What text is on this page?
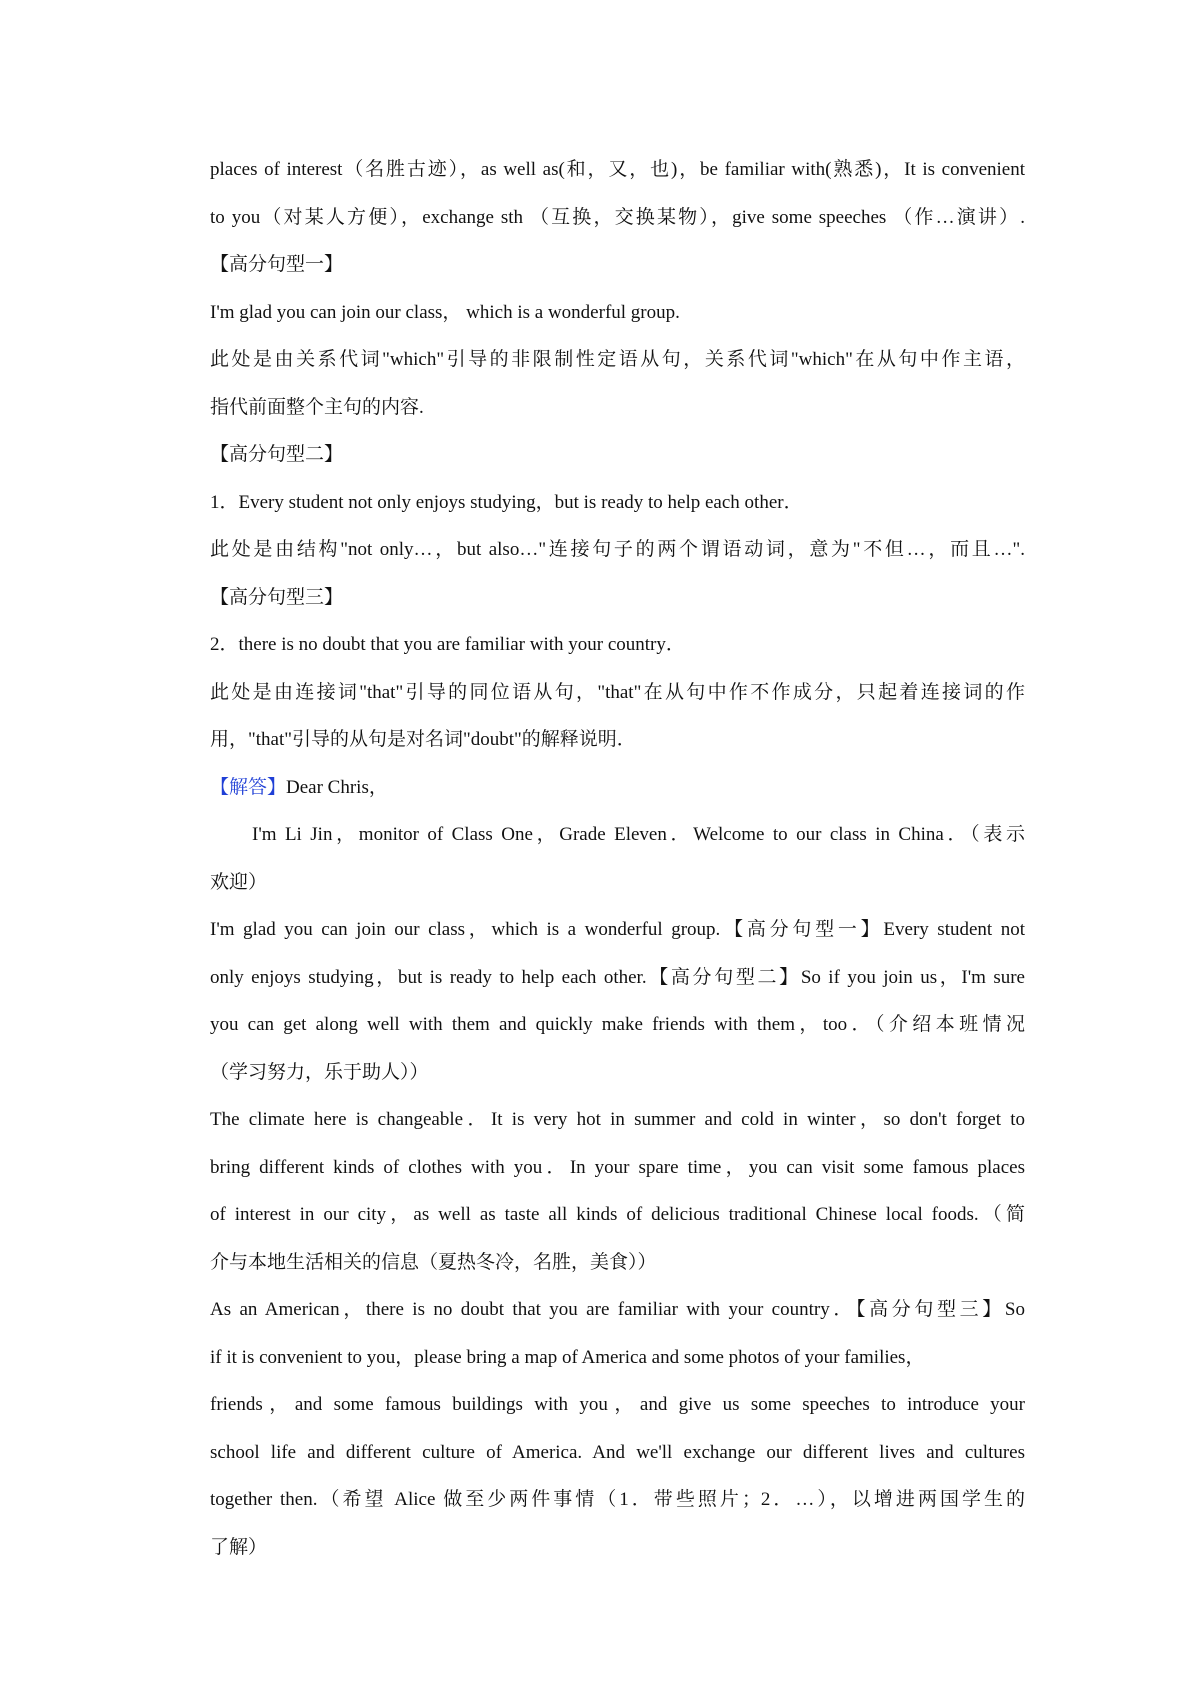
places of interest（名胜古迹），as well as(和，又，也)，be familiar with(熟悉)，It is convenient
to you（对某人方便），exchange sth （互换，交换某物），give some speeches （作…演讲）.
【高分句型一】
I'm glad you can join our class， which is a wonderful group.
此处是由关系代词"which"引导的非限制性定语从句，关系代词"which"在从句中作主语，
指代前面整个主句的内容.
【高分句型二】
1．Every student not only enjoys studying，but is ready to help each other．
此处是由结构"not only…，but also…"连接句子的两个谓语动词，意为"不但…，而且…".
【高分句型三】
2．there is no doubt that you are familiar with your country．
此处是由连接词"that"引导的同位语从句，"that"在从句中作不作成分，只起着连接词的作
用，"that"引导的从句是对名词"doubt"的解释说明．
【解答】Dear Chris，
I'm Li Jin，monitor of Class One，Grade Eleven．Welcome to our class in China．（表示
欢迎）
I'm glad you can join our class，which is a wonderful group.【高分句型一】Every student not
only enjoys studying，but is ready to help each other.【高分句型二】So if you join us，I'm sure
you can get along well with them and quickly make friends with them，too．（介绍本班情况
（学习努力，乐于助人））
The climate here is changeable．It is very hot in summer and cold in winter，so don't forget to
bring different kinds of clothes with you．In your spare time，you can visit some famous places
of interest in our city，as well as taste all kinds of delicious traditional Chinese local foods.（简
介与本地生活相关的信息（夏热冬冷，名胜，美食））
As an American，there is no doubt that you are familiar with your country．【高分句型三】So
if it is convenient to you，please bring a map of America and some photos of your families，
friends，and some famous buildings with you，and give us some speeches to introduce your
school life and different culture of America. And we'll exchange our different lives and cultures
together then.（希望 Alice 做至少两件事情（1．带些照片；2．…），以增进两国学生的
了解）
